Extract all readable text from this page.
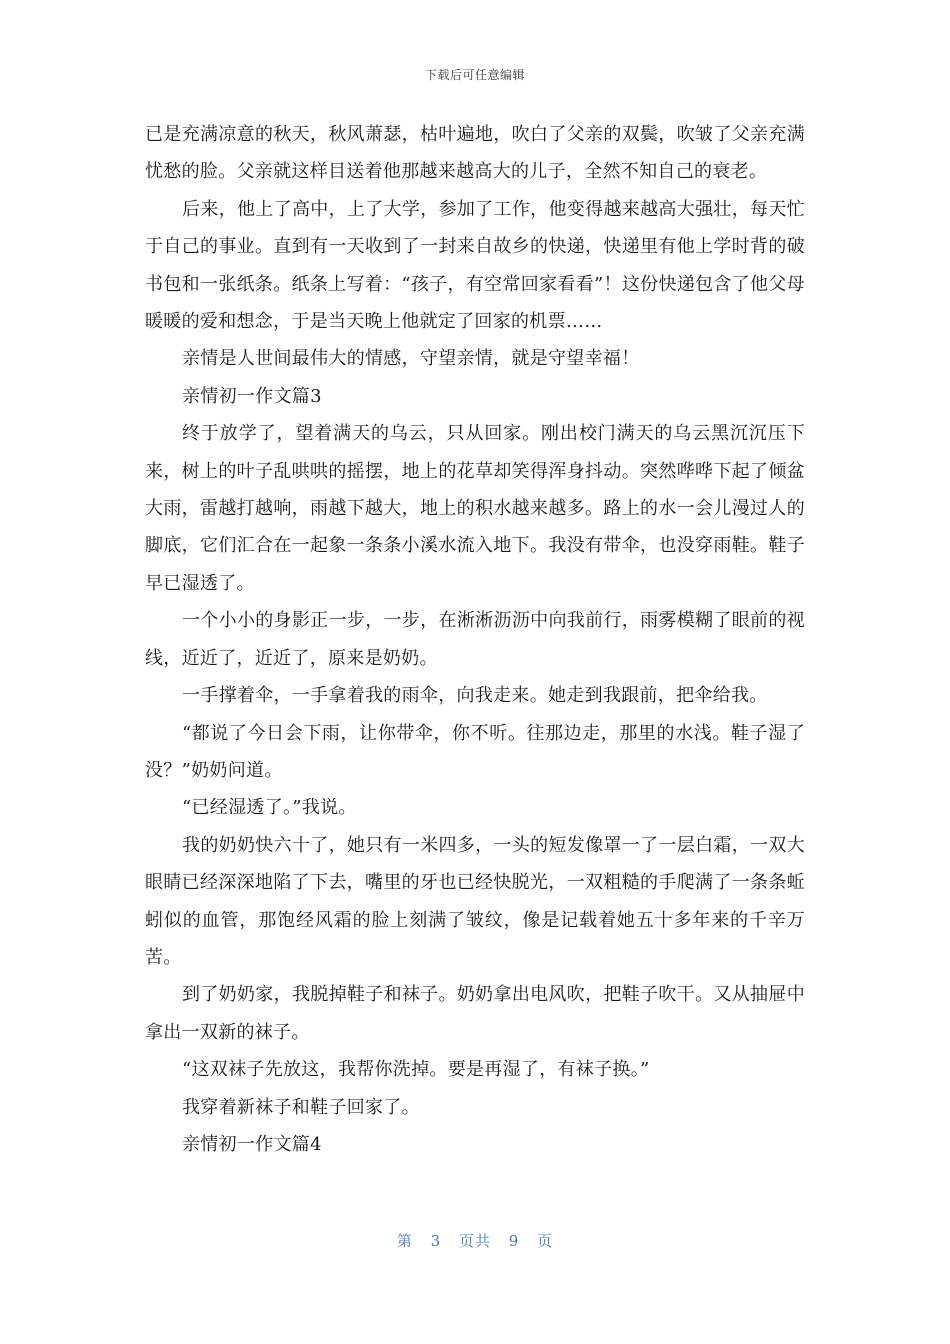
下载后可任意编辑

已是充满凉意的秋天，秋风萧瑟，枯叶遍地，吹白了父亲的双鬓，吹皱了父亲充满忧愁的脸。父亲就这样目送着他那越来越高大的儿子，全然不知自己的衰老。

后来，他上了高中，上了大学，参加了工作，他变得越来越高大强壮，每天忙于自己的事业。直到有一天收到了一封来自故乡的快递，快递里有他上学时背的破书包和一张纸条。纸条上写着：“孩子，有空常回家看看”！这份快递包含了他父母暖暖的爱和想念，于是当天晚上他就定了回家的机票……

亲情是人世间最伟大的情感，守望亲情，就是守望幸福！

亲情初一作文篇3

终于放学了，望着满天的乌云，只从回家。刚出校门满天的乌云黑沉沉压下来，树上的叶子乱哄哄的摇摆，地上的花草却笑得浑身抖动。突然哗哗下起了倾盆大雨，雷越打越响，雨越下越大，地上的积水越来越多。路上的水一会儿漫过人的脚底，它们汇合在一起象一条条小溪水流入地下。我没有带伞，也没穿雨鞋。鞋子早已湿透了。

一个小小的身影正一步，一步，在淅淅沥沥中向我前行，雨雾模糊了眼前的视线，近近了，近近了，原来是奶奶。

一手撑着伞，一手拿着我的雨伞，向我走来。她走到我跟前，把伞给我。

“都说了今日会下雨，让你带伞，你不听。往那边走，那里的水浅。鞋子湿了没？”奶奶问道。

“已经湿透了。”我说。

我的奶奶快六十了，她只有一米四多，一头的短发像罩一了一层白霜，一双大眼睛已经深深地陷了下去，嘴里的牙也已经快脱光，一双粗糙的手爬满了一条条蚯蚓似的血管，那饱经风霜的脸上刻满了皱纹，像是记载着她五十多年来的千辛万苦。

到了奶奶家，我脱掉鞋子和袜子。奶奶拿出电风吹，把鞋子吹干。又从抽屉中拿出一双新的袜子。

“这双袜子先放这，我帮你洗掉。要是再湿了，有袜子换。”

我穿着新袜子和鞋子回家了。

亲情初一作文篇4

第 3 页共 9 页
